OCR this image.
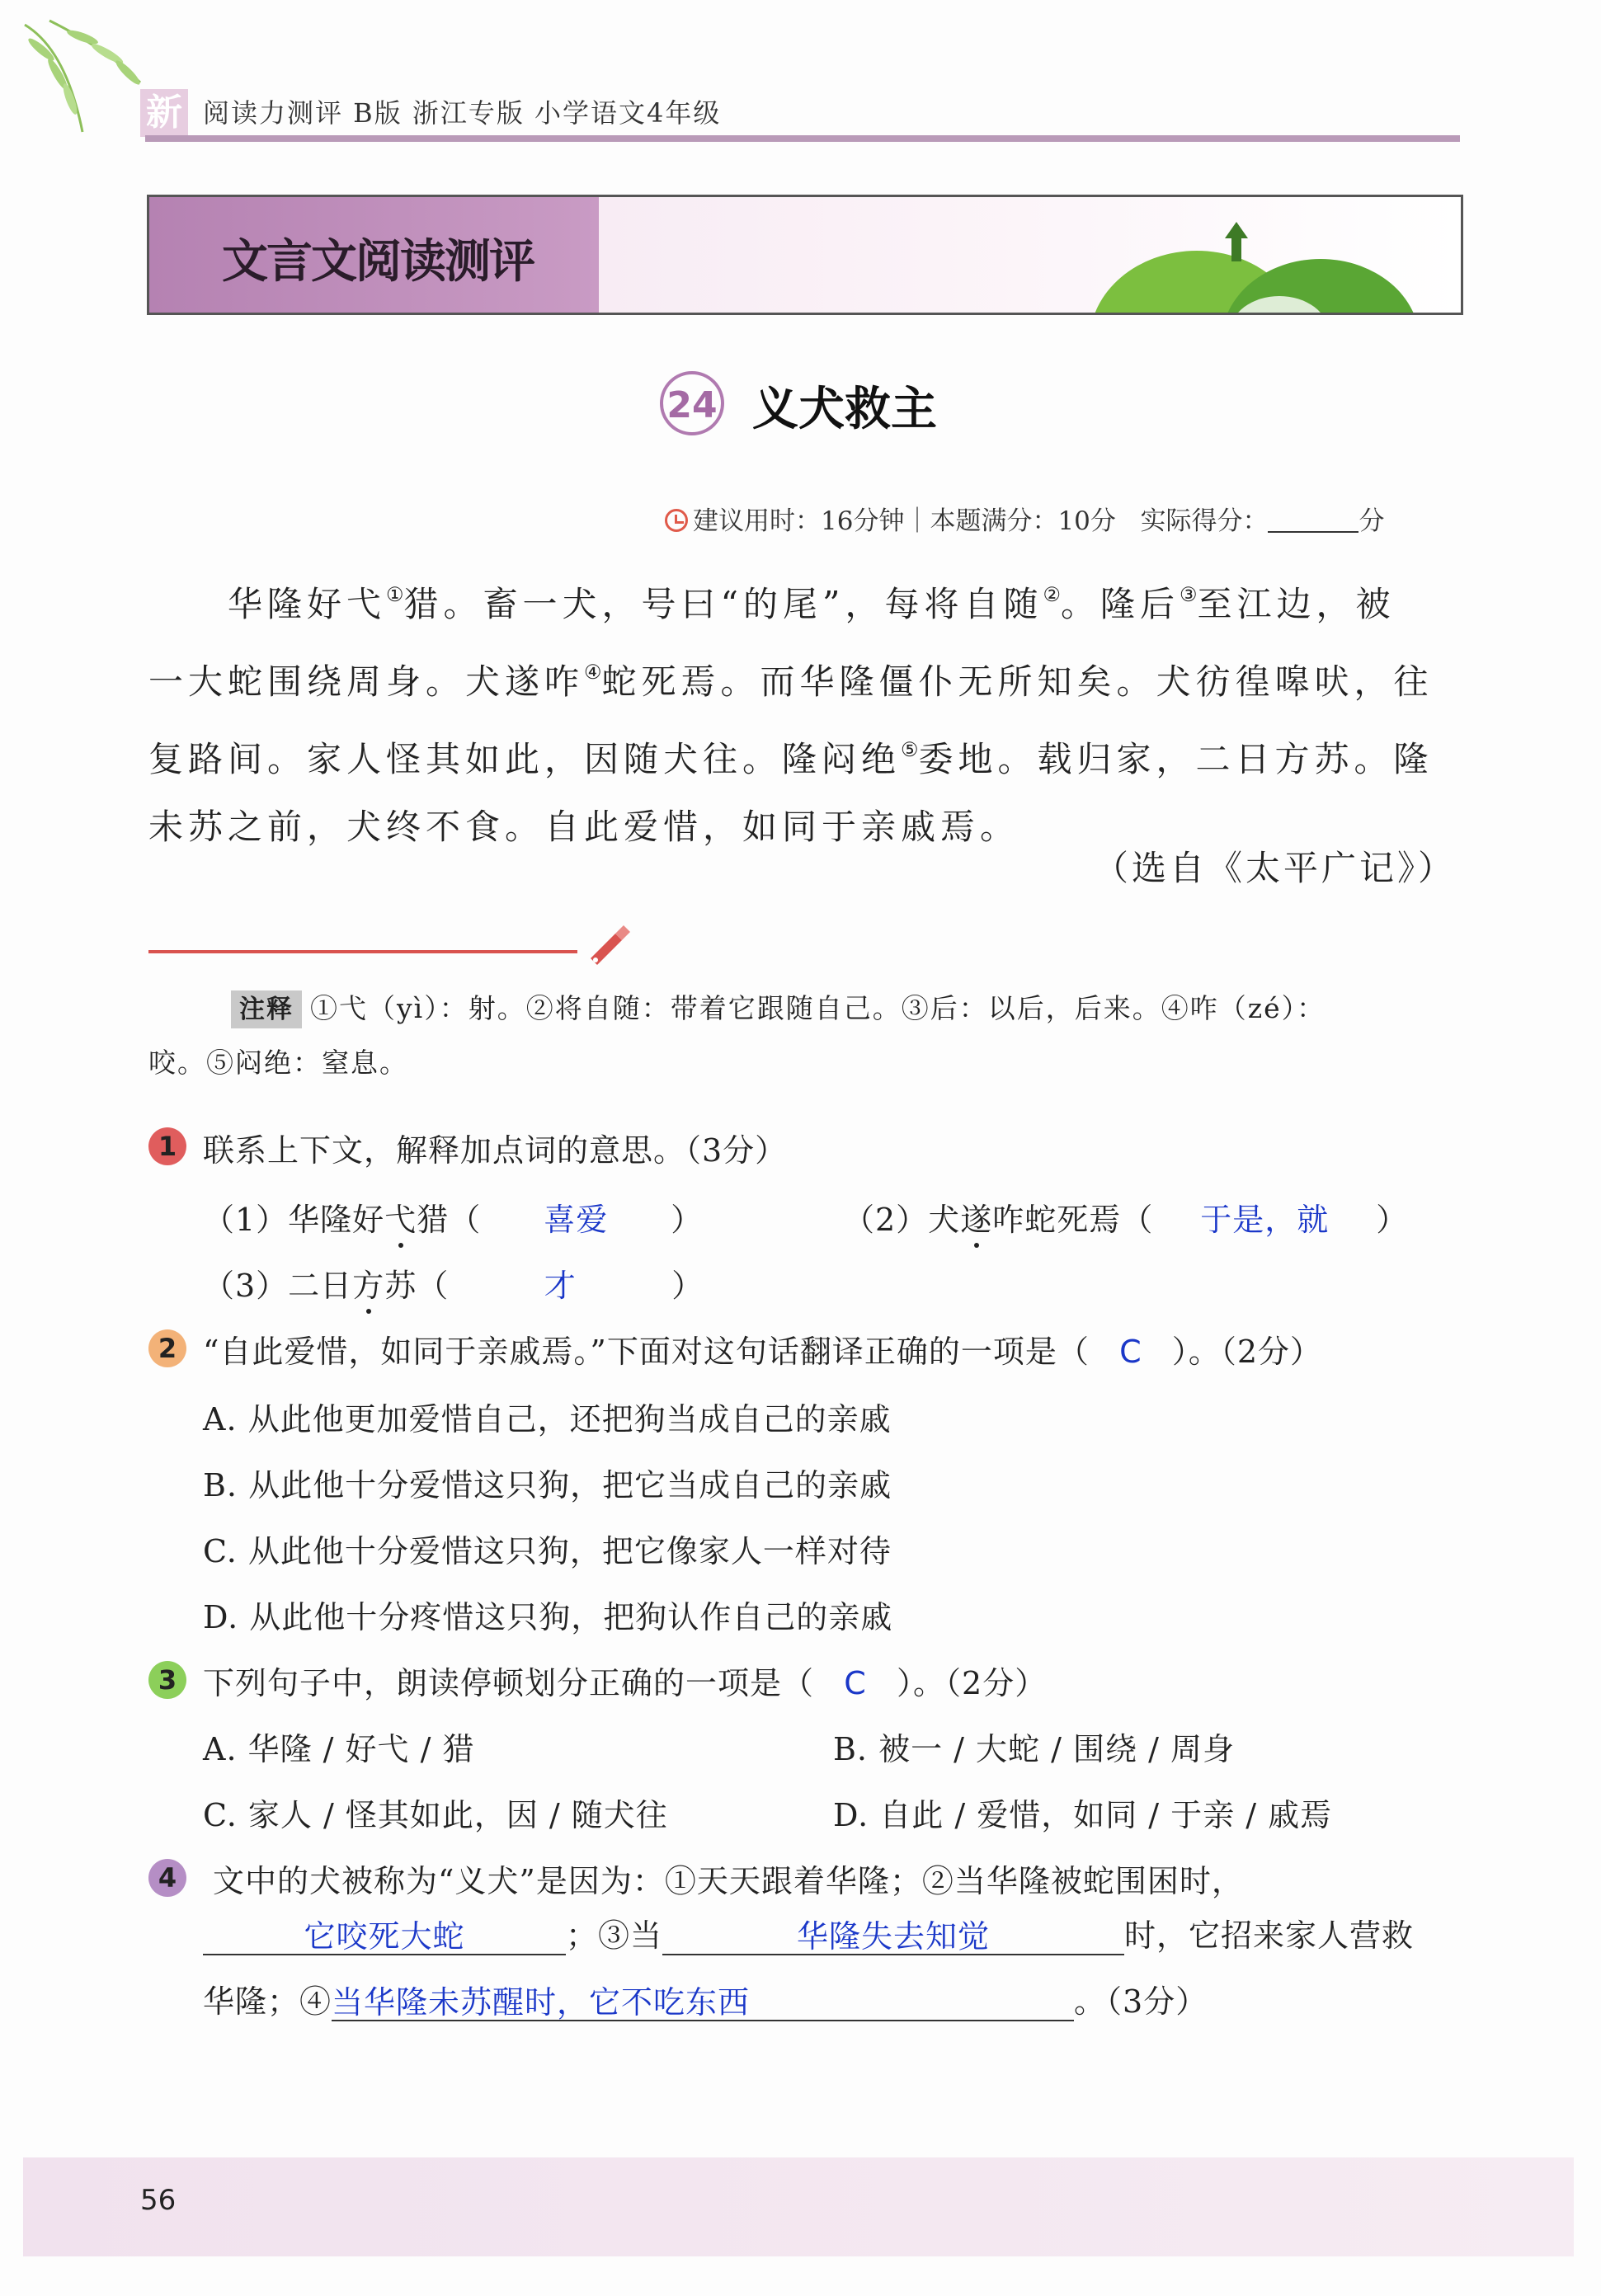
新 阅读力测评 B版 浙江专版 小学语文4年级
文言文阅读测评
24 义犬救主
建议用时：16分钟｜本题满分：10分 实际得分：	分

华隆好弋①猎。畜一犬，号曰“的尾”，每将自随②。隆后③至江边，被

一大蛇围绕周身。犬遂咋④蛇死焉。而华隆僵仆无所知矣。犬彷徨嗥吠，往

复路间。家人怪其如此，因随犬往。隆闷绝⑤委地。载归家，二日方苏。隆

未苏之前，犬终不食。自此爱惜，如同于亲戚焉。

（选自《太平广记》）
注释 ①弋（yì）：射。②将自随：带着它跟随自己。③后：以后，后来。④咋（zé）：
咬。⑤闷绝：窒息。
1 联系上下文，解释加点词的意思。（3分）
（1）华隆好弋猎（ 喜爱 ）	（2）犬遂咋蛇死焉（ 于是，就 ）
（3）二日方苏（	才	）
2 “自此爱惜，如同于亲戚焉。”下面对这句话翻译正确的一项是（ C ）。（2分）
A. 从此他更加爱惜自己，还把狗当成自己的亲戚
B. 从此他十分爱惜这只狗，把它当成自己的亲戚
C. 从此他十分爱惜这只狗，把它像家人一样对待
D. 从此他十分疼惜这只狗，把狗认作自己的亲戚
3 下列句子中，朗读停顿划分正确的一项是（ C ）。（2分）
A. 华隆 / 好弋 / 猎	B. 被一 / 大蛇 / 围绕 / 周身
C. 家人 / 怪其如此，因 / 随犬往	D. 自此 / 爱惜，如同 / 于亲 / 戚焉
4	文中的犬被称为“义犬”是因为：①天天跟着华隆；②当华隆被蛇围困时，
它咬死大蛇	；③当	华隆失去知觉	时，它招来家人营救
华隆；④当华隆未苏醒时，它不吃东西	。（3分）
56
